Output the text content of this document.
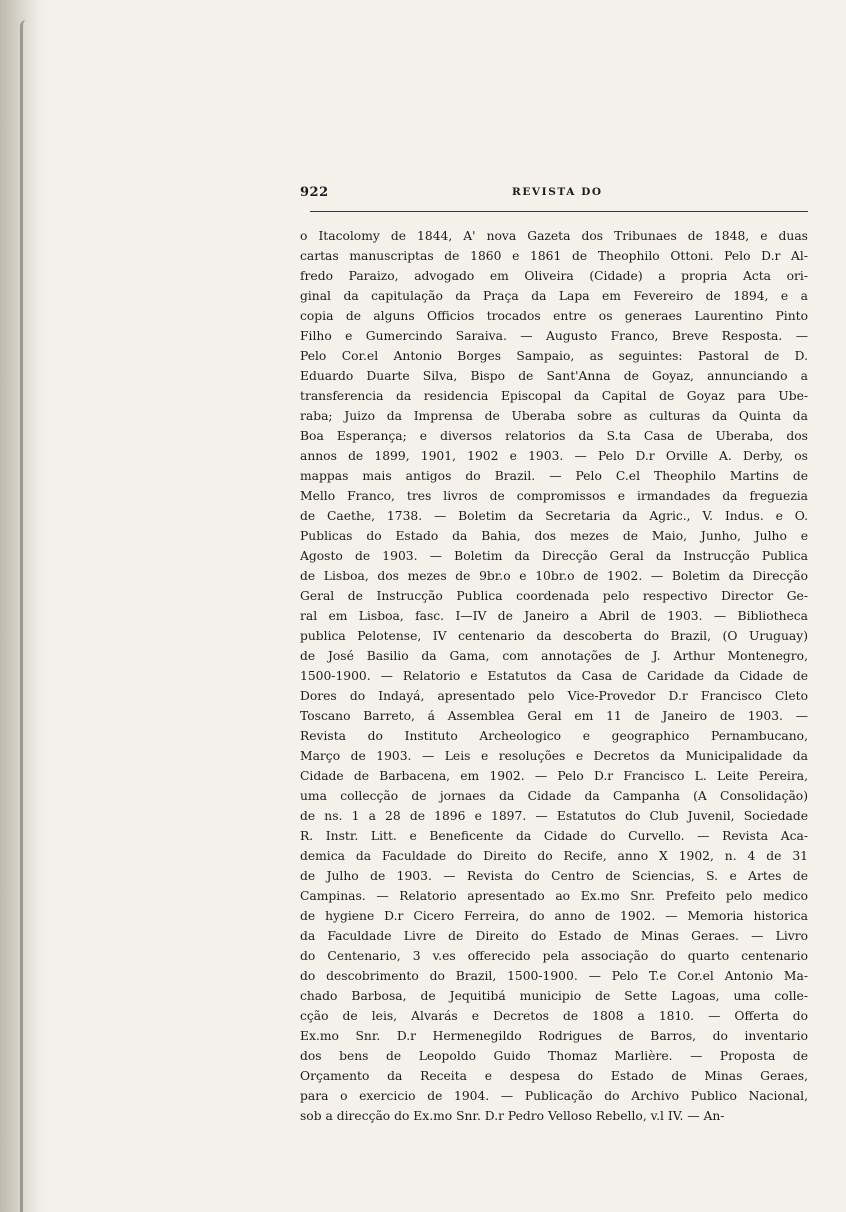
922	REVISTA DO
o Itacolomy de 1844, A' nova Gazeta dos Tribunaes de 1848, e duas
cartas manuscriptas de 1860 e 1861 de Theophilo Ottoni. Pelo D.r Al-
fredo Paraizo, advogado em Oliveira (Cidade) a propria Acta ori-
ginal da capitulação da Praça da Lapa em Fevereiro de 1894, e a
copia de alguns Officios trocados entre os generaes Laurentino Pinto
Filho e Gumercindo Saraiva. — Augusto Franco, Breve Resposta. —
Pelo Cor.el Antonio Borges Sampaio, as seguintes: Pastoral de D.
Eduardo Duarte Silva, Bispo de Sant'Anna de Goyaz, annunciando a
transferencia da residencia Episcopal da Capital de Goyaz para Ube-
raba; Juizo da Imprensa de Uberaba sobre as culturas da Quinta da
Boa Esperança; e diversos relatorios da S.ta Casa de Uberaba, dos
annos de 1899, 1901, 1902 e 1903. — Pelo D.r Orville A. Derby, os
mappas mais antigos do Brazil. — Pelo C.el Theophilo Martins de
Mello Franco, tres livros de compromissos e irmandades da freguezia
de Caethe, 1738. — Boletim da Secretaria da Agric., V. Indus. e O.
Publicas do Estado da Bahia, dos mezes de Maio, Junho, Julho e
Agosto de 1903. — Boletim da Direcção Geral da Instrucção Publica
de Lisboa, dos mezes de 9br.o e 10br.o de 1902. — Boletim da Direcção
Geral de Instrucção Publica coordenada pelo respectivo Director Ge-
ral em Lisboa, fasc. I—IV de Janeiro a Abril de 1903. — Bibliotheca
publica Pelotense, IV centenario da descoberta do Brazil, (O Uruguay)
de José Basilio da Gama, com annotações de J. Arthur Montenegro,
1500-1900. — Relatorio e Estatutos da Casa de Caridade da Cidade de
Dores do Indayá, apresentado pelo Vice-Provedor D.r Francisco Cleto
Toscano Barreto, á Assemblea Geral em 11 de Janeiro de 1903. —
Revista do Instituto Archeologico e geographico Pernambucano,
Março de 1903. — Leis e resoluções e Decretos da Municipalidade da
Cidade de Barbacena, em 1902. — Pelo D.r Francisco L. Leite Pereira,
uma collecção de jornaes da Cidade da Campanha (A Consolidação)
de ns. 1 a 28 de 1896 e 1897. — Estatutos do Club Juvenil, Sociedade
R. Instr. Litt. e Beneficente da Cidade do Curvello. — Revista Aca-
demica da Faculdade do Direito do Recife, anno X 1902, n. 4 de 31
de Julho de 1903. — Revista do Centro de Sciencias, S. e Artes de
Campinas. — Relatorio apresentado ao Ex.mo Snr. Prefeito pelo medico
de hygiene D.r Cicero Ferreira, do anno de 1902. — Memoria historica
da Faculdade Livre de Direito do Estado de Minas Geraes. — Livro
do Centenario, 3 v.es offerecido pela associação do quarto centenario
do descobrimento do Brazil, 1500-1900. — Pelo T.e Cor.el Antonio Ma-
chado Barbosa, de Jequitibá municipio de Sette Lagoas, uma colle-
cção de leis, Alvarás e Decretos de 1808 a 1810. — Offerta do
Ex.mo Snr. D.r Hermenegildo Rodrigues de Barros, do inventario
dos bens de Leopoldo Guido Thomaz Marlière. — Proposta de
Orçamento da Receita e despesa do Estado de Minas Geraes,
para o exercicio de 1904. — Publicação do Archivo Publico Nacional,
sob a direcção do Ex.mo Snr. D.r Pedro Velloso Rebello, v.l IV. — An-
